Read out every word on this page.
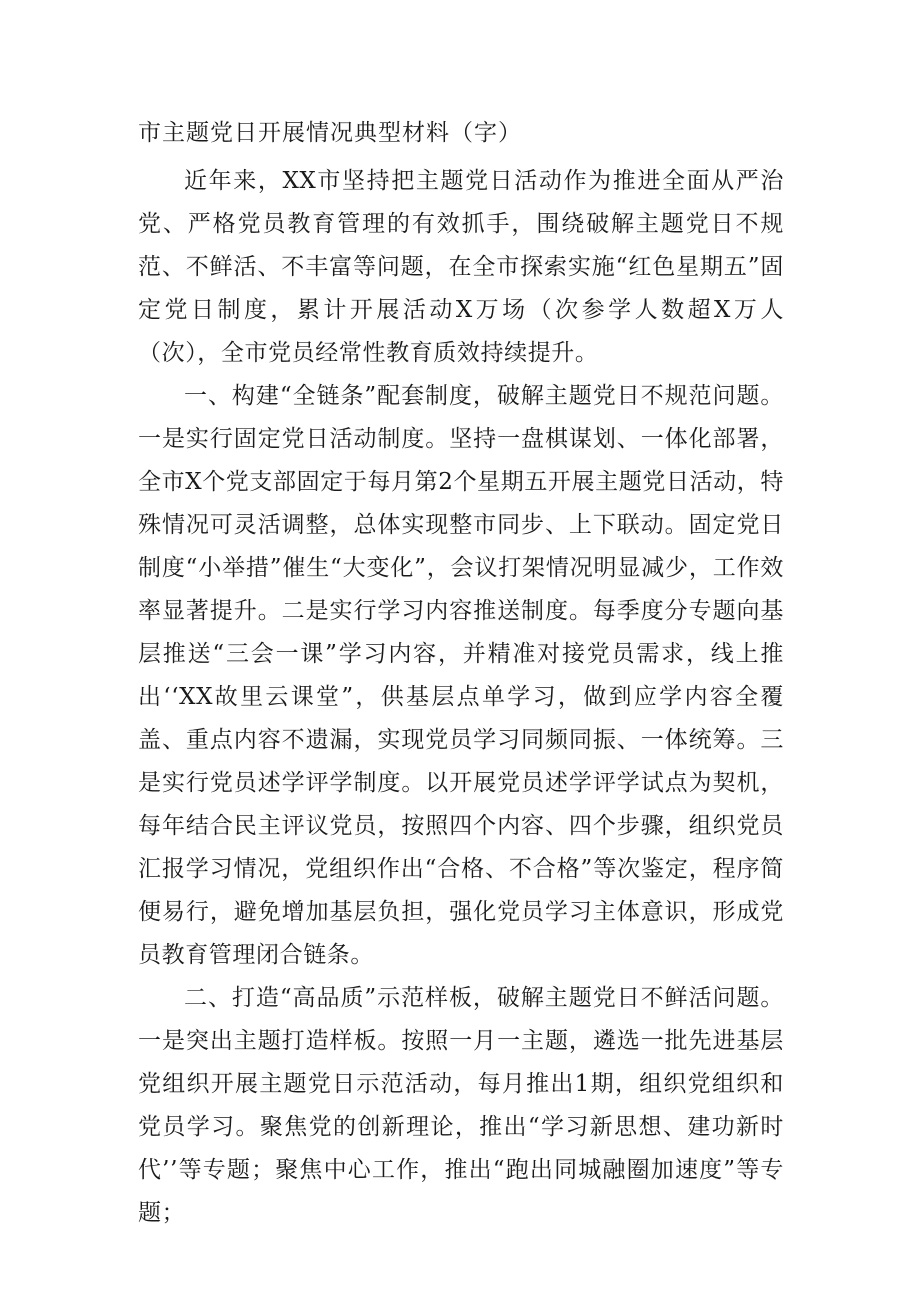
市主题党日开展情况典型材料（字）

近年来，XX市坚持把主题党日活动作为推进全面从严治党、严格党员教育管理的有效抓手，围绕破解主题党日不规范、不鲜活、不丰富等问题，在全市探索实施“红色星期五”固定党日制度，累计开展活动X万场（次参学人数超X万人（次），全市党员经常性教育质效持续提升。

一、构建“全链条”配套制度，破解主题党日不规范问题。一是实行固定党日活动制度。坚持一盘棋谋划、一体化部署，全市X个党支部固定于每月第2个星期五开展主题党日活动，特殊情况可灵活调整，总体实现整市同步、上下联动。固定党日制度“小举措”催生“大变化”，会议打架情况明显减少，工作效率显著提升。二是实行学习内容推送制度。每季度分专题向基层推送“三会一课”学习内容，并精准对接党员需求，线上推出‘‘XX故里云课堂”，供基层点单学习，做到应学内容全覆盖、重点内容不遗漏，实现党员学习同频同振、一体统筹。三是实行党员述学评学制度。以开展党员述学评学试点为契机，每年结合民主评议党员，按照四个内容、四个步骤，组织党员汇报学习情况，党组织作出“合格、不合格”等次鉴定，程序简便易行，避免增加基层负担，强化党员学习主体意识，形成党员教育管理闭合链条。

二、打造“高品质”示范样板，破解主题党日不鲜活问题。一是突出主题打造样板。按照一月一主题，遴选一批先进基层党组织开展主题党日示范活动，每月推出1期，组织党组织和党员学习。聚焦党的创新理论，推出“学习新思想、建功新时代’’等专题；聚焦中心工作，推出“跑出同城融圈加速度”等专题；
